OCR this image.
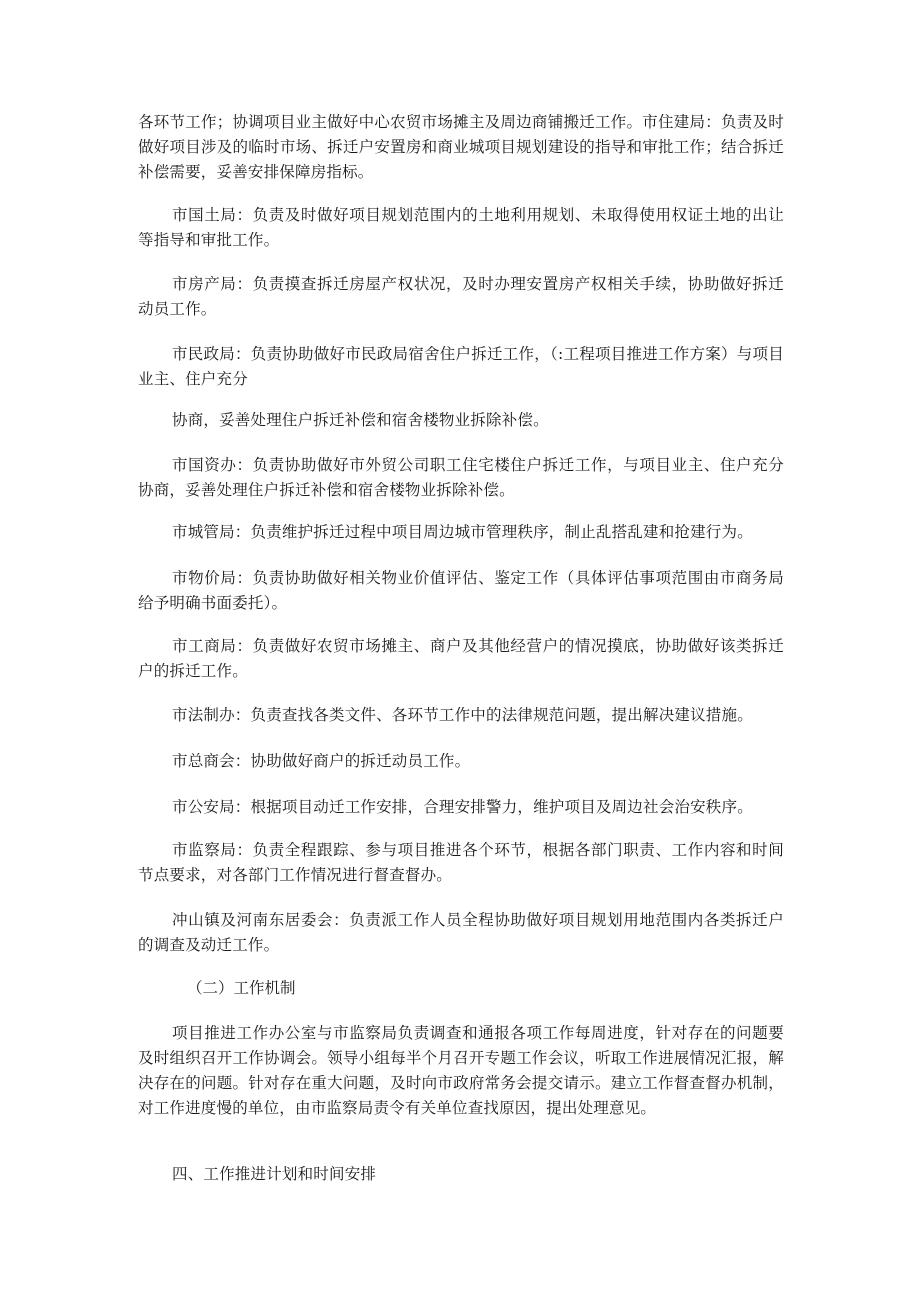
各环节工作；协调项目业主做好中心农贸市场摊主及周边商铺搬迁工作。市住建局：负责及时做好项目涉及的临时市场、拆迁户安置房和商业城项目规划建设的指导和审批工作；结合拆迁补偿需要，妥善安排保障房指标。

市国土局：负责及时做好项目规划范围内的土地利用规划、未取得使用权证土地的出让等指导和审批工作。

市房产局：负责摸查拆迁房屋产权状况，及时办理安置房产权相关手续，协助做好拆迁动员工作。

市民政局：负责协助做好市民政局宿舍住户拆迁工作，（:工程项目推进工作方案）与项目业主、住户充分

协商，妥善处理住户拆迁补偿和宿舍楼物业拆除补偿。

市国资办：负责协助做好市外贸公司职工住宅楼住户拆迁工作，与项目业主、住户充分协商，妥善处理住户拆迁补偿和宿舍楼物业拆除补偿。

市城管局：负责维护拆迁过程中项目周边城市管理秩序，制止乱搭乱建和抢建行为。

市物价局：负责协助做好相关物业价值评估、鉴定工作（具体评估事项范围由市商务局给予明确书面委托）。

市工商局：负责做好农贸市场摊主、商户及其他经营户的情况摸底，协助做好该类拆迁户的拆迁工作。

市法制办：负责查找各类文件、各环节工作中的法律规范问题，提出解决建议措施。

市总商会：协助做好商户的拆迁动员工作。

市公安局：根据项目动迁工作安排，合理安排警力，维护项目及周边社会治安秩序。

市监察局：负责全程跟踪、参与项目推进各个环节，根据各部门职责、工作内容和时间节点要求，对各部门工作情况进行督查督办。

冲山镇及河南东居委会：负责派工作人员全程协助做好项目规划用地范围内各类拆迁户的调查及动迁工作。

（二）工作机制

项目推进工作办公室与市监察局负责调查和通报各项工作每周进度，针对存在的问题要及时组织召开工作协调会。领导小组每半个月召开专题工作会议，听取工作进展情况汇报，解决存在的问题。针对存在重大问题，及时向市政府常务会提交请示。建立工作督查督办机制，对工作进度慢的单位，由市监察局责令有关单位查找原因，提出处理意见。

四、工作推进计划和时间安排
